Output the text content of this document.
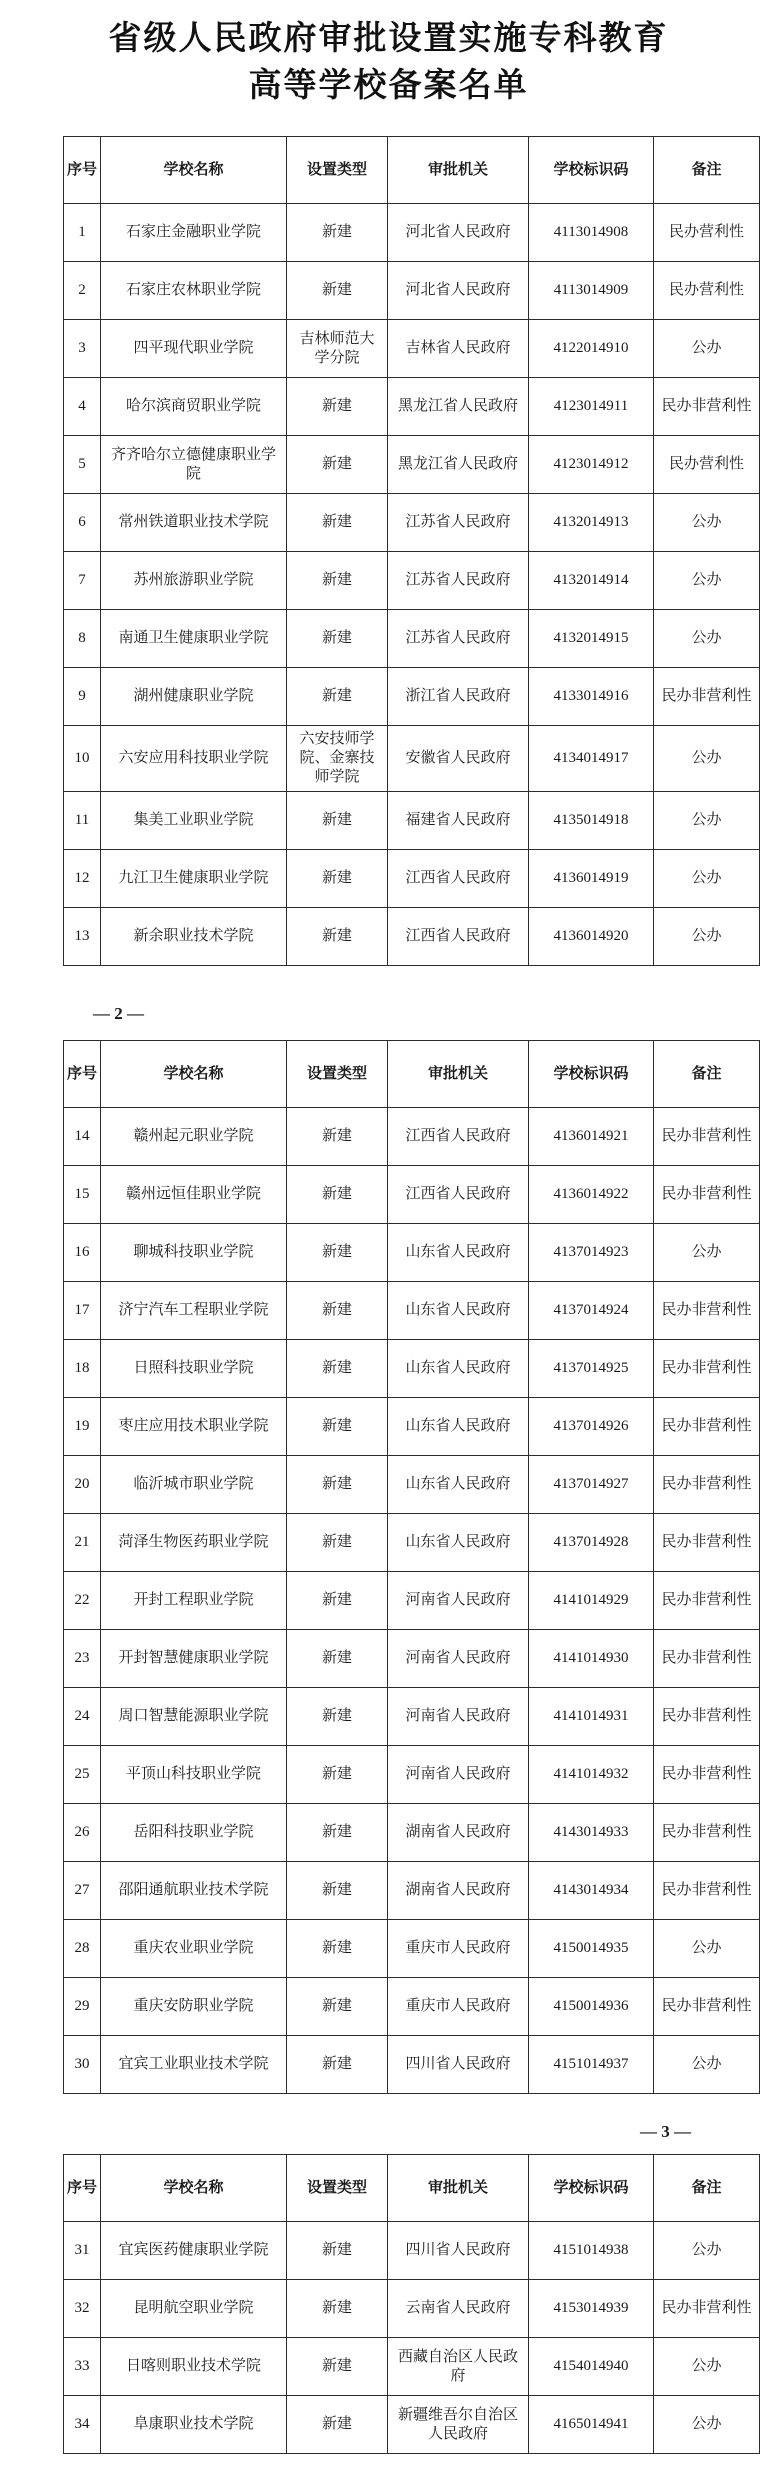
省级人民政府审批设置实施专科教育
高等学校备案名单
序号	学校名称	设置类型	审批机关	学校标识码	备注
1	石家庄金融职业学院	新建	河北省人民政府	4113014908	民办营利性
2	石家庄农林职业学院	新建	河北省人民政府	4113014909	民办营利性
3	四平现代职业学院	吉林师范大学分院	吉林省人民政府	4122014910	公办
4	哈尔滨商贸职业学院	新建	黑龙江省人民政府	4123014911	民办非营利性
5	齐齐哈尔立德健康职业学院	新建	黑龙江省人民政府	4123014912	民办营利性
6	常州铁道职业技术学院	新建	江苏省人民政府	4132014913	公办
7	苏州旅游职业学院	新建	江苏省人民政府	4132014914	公办
8	南通卫生健康职业学院	新建	江苏省人民政府	4132014915	公办
9	湖州健康职业学院	新建	浙江省人民政府	4133014916	民办非营利性
10	六安应用科技职业学院	六安技师学院、金寨技师学院	安徽省人民政府	4134014917	公办
11	集美工业职业学院	新建	福建省人民政府	4135014918	公办
12	九江卫生健康职业学院	新建	江西省人民政府	4136014919	公办
13	新余职业技术学院	新建	江西省人民政府	4136014920	公办
— 2 —
序号	学校名称	设置类型	审批机关	学校标识码	备注
14	赣州起元职业学院	新建	江西省人民政府	4136014921	民办非营利性
15	赣州远恒佳职业学院	新建	江西省人民政府	4136014922	民办非营利性
16	聊城科技职业学院	新建	山东省人民政府	4137014923	公办
17	济宁汽车工程职业学院	新建	山东省人民政府	4137014924	民办非营利性
18	日照科技职业学院	新建	山东省人民政府	4137014925	民办非营利性
19	枣庄应用技术职业学院	新建	山东省人民政府	4137014926	民办非营利性
20	临沂城市职业学院	新建	山东省人民政府	4137014927	民办非营利性
21	菏泽生物医药职业学院	新建	山东省人民政府	4137014928	民办非营利性
22	开封工程职业学院	新建	河南省人民政府	4141014929	民办非营利性
23	开封智慧健康职业学院	新建	河南省人民政府	4141014930	民办非营利性
24	周口智慧能源职业学院	新建	河南省人民政府	4141014931	民办非营利性
25	平顶山科技职业学院	新建	河南省人民政府	4141014932	民办非营利性
26	岳阳科技职业学院	新建	湖南省人民政府	4143014933	民办非营利性
27	邵阳通航职业技术学院	新建	湖南省人民政府	4143014934	民办非营利性
28	重庆农业职业学院	新建	重庆市人民政府	4150014935	公办
29	重庆安防职业学院	新建	重庆市人民政府	4150014936	民办非营利性
30	宜宾工业职业技术学院	新建	四川省人民政府	4151014937	公办
— 3 —
序号	学校名称	设置类型	审批机关	学校标识码	备注
31	宜宾医药健康职业学院	新建	四川省人民政府	4151014938	公办
32	昆明航空职业学院	新建	云南省人民政府	4153014939	民办非营利性
33	日喀则职业技术学院	新建	西藏自治区人民政府	4154014940	公办
34	阜康职业技术学院	新建	新疆维吾尔自治区人民政府	4165014941	公办
